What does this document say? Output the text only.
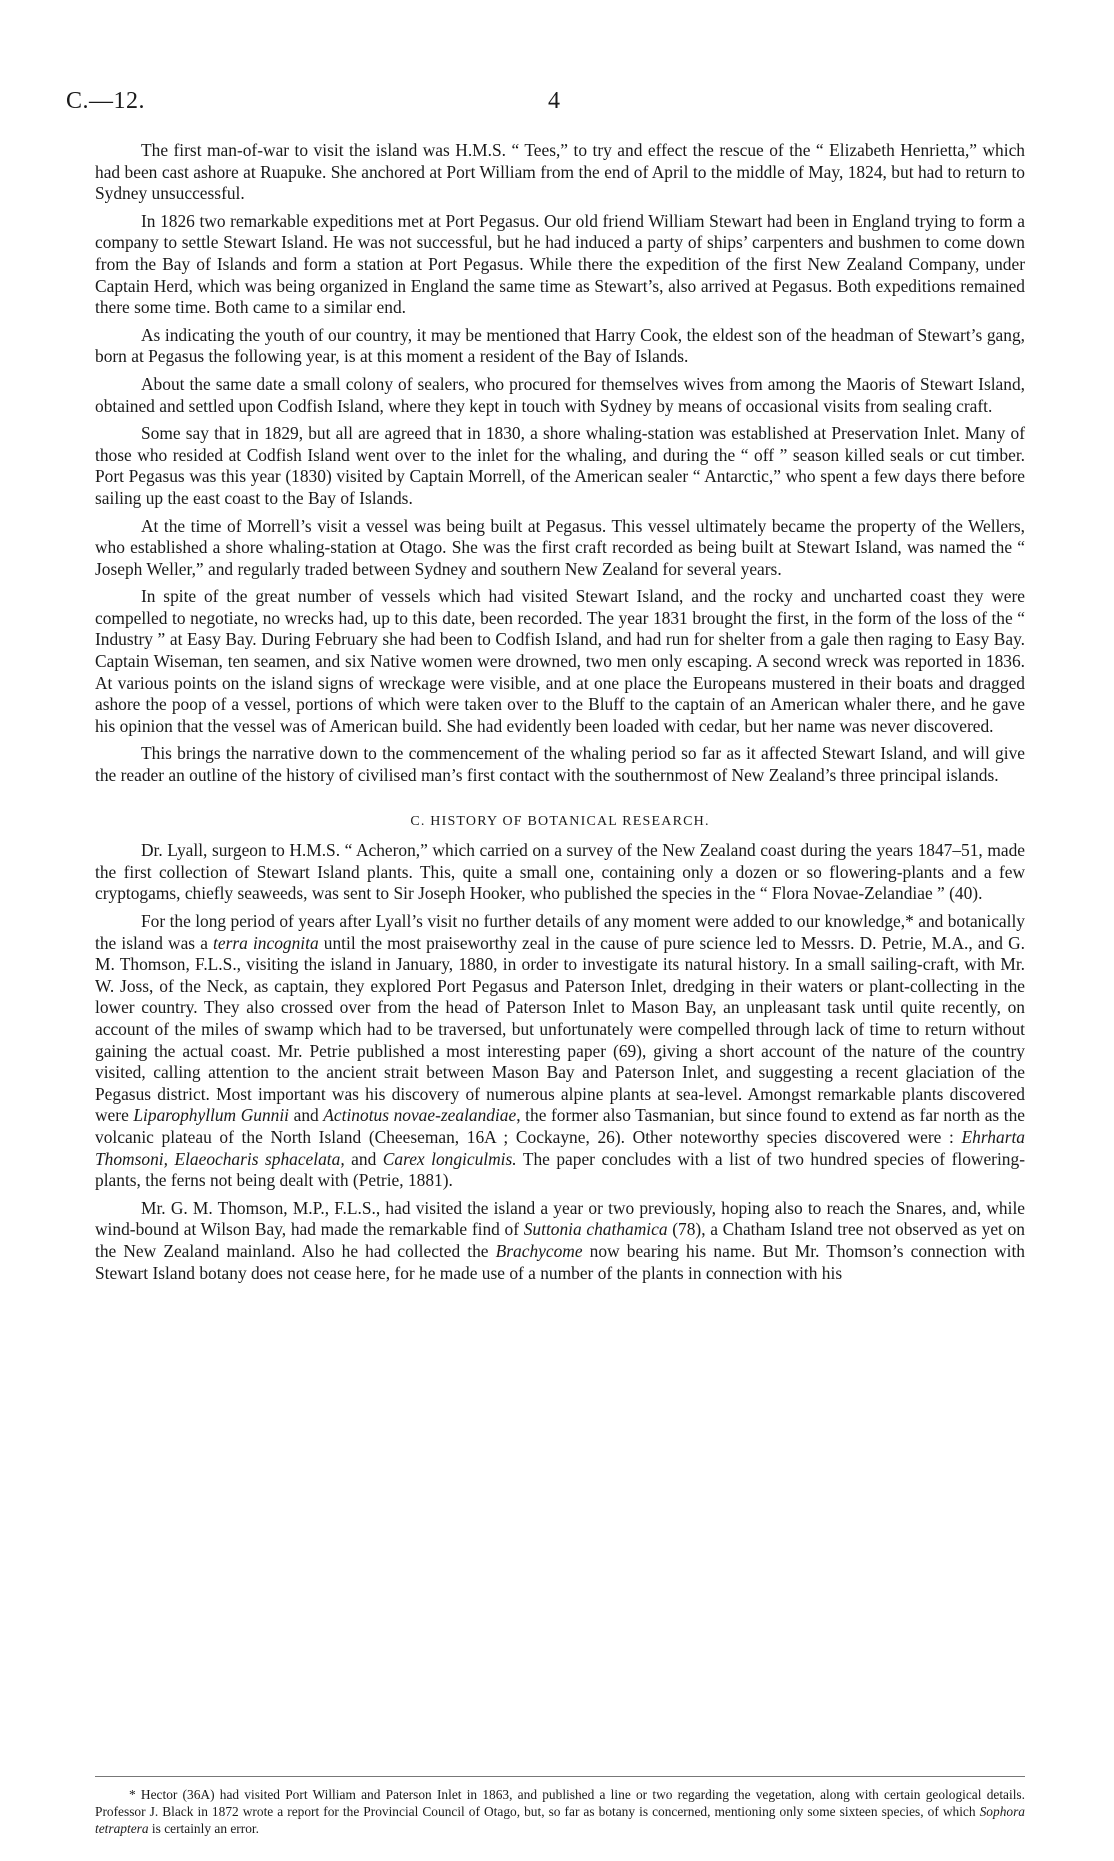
C.—12.	4

The first man-of-war to visit the island was H.M.S. “ Tees,” to try and effect the rescue of the “ Elizabeth Henrietta,” which had been cast ashore at Ruapuke. She anchored at Port William from the end of April to the middle of May, 1824, but had to return to Sydney unsuccessful.

In 1826 two remarkable expeditions met at Port Pegasus. Our old friend William Stewart had been in England trying to form a company to settle Stewart Island. He was not successful, but he had induced a party of ships’ carpenters and bushmen to come down from the Bay of Islands and form a station at Port Pegasus. While there the expedition of the first New Zealand Company, under Captain Herd, which was being organized in England the same time as Stewart’s, also arrived at Pegasus. Both expeditions remained there some time. Both came to a similar end.

As indicating the youth of our country, it may be mentioned that Harry Cook, the eldest son of the headman of Stewart’s gang, born at Pegasus the following year, is at this moment a resident of the Bay of Islands.

About the same date a small colony of sealers, who procured for themselves wives from among the Maoris of Stewart Island, obtained and settled upon Codfish Island, where they kept in touch with Sydney by means of occasional visits from sealing craft.

Some say that in 1829, but all are agreed that in 1830, a shore whaling-station was established at Preservation Inlet. Many of those who resided at Codfish Island went over to the inlet for the whaling, and during the “ off ” season killed seals or cut timber. Port Pegasus was this year (1830) visited by Captain Morrell, of the American sealer “ Antarctic,” who spent a few days there before sailing up the east coast to the Bay of Islands.

At the time of Morrell’s visit a vessel was being built at Pegasus. This vessel ultimately became the property of the Wellers, who established a shore whaling-station at Otago. She was the first craft recorded as being built at Stewart Island, was named the “ Joseph Weller,” and regularly traded between Sydney and southern New Zealand for several years.

In spite of the great number of vessels which had visited Stewart Island, and the rocky and uncharted coast they were compelled to negotiate, no wrecks had, up to this date, been recorded. The year 1831 brought the first, in the form of the loss of the “ Industry ” at Easy Bay. During February she had been to Codfish Island, and had run for shelter from a gale then raging to Easy Bay. Captain Wiseman, ten seamen, and six Native women were drowned, two men only escaping. A second wreck was reported in 1836. At various points on the island signs of wreckage were visible, and at one place the Europeans mustered in their boats and dragged ashore the poop of a vessel, portions of which were taken over to the Bluff to the captain of an American whaler there, and he gave his opinion that the vessel was of American build. She had evidently been loaded with cedar, but her name was never discovered.

This brings the narrative down to the commencement of the whaling period so far as it affected Stewart Island, and will give the reader an outline of the history of civilised man’s first contact with the southernmost of New Zealand’s three principal islands.

C. HISTORY OF BOTANICAL RESEARCH.

Dr. Lyall, surgeon to H.M.S. “ Acheron,” which carried on a survey of the New Zealand coast during the years 1847–51, made the first collection of Stewart Island plants. This, quite a small one, containing only a dozen or so flowering-plants and a few cryptogams, chiefly seaweeds, was sent to Sir Joseph Hooker, who published the species in the “ Flora Novae-Zelandiae ” (40).

For the long period of years after Lyall’s visit no further details of any moment were added to our knowledge,* and botanically the island was a terra incognita until the most praiseworthy zeal in the cause of pure science led to Messrs. D. Petrie, M.A., and G. M. Thomson, F.L.S., visiting the island in January, 1880, in order to investigate its natural history. In a small sailing-craft, with Mr. W. Joss, of the Neck, as captain, they explored Port Pegasus and Paterson Inlet, dredging in their waters or plant-collecting in the lower country. They also crossed over from the head of Paterson Inlet to Mason Bay, an unpleasant task until quite recently, on account of the miles of swamp which had to be traversed, but unfortunately were compelled through lack of time to return without gaining the actual coast. Mr. Petrie published a most interesting paper (69), giving a short account of the nature of the country visited, calling attention to the ancient strait between Mason Bay and Paterson Inlet, and suggesting a recent glaciation of the Pegasus district. Most important was his discovery of numerous alpine plants at sea-level. Amongst remarkable plants discovered were Liparophyllum Gunnii and Actinotus novae-zealandiae, the former also Tasmanian, but since found to extend as far north as the volcanic plateau of the North Island (Cheeseman, 16A ; Cockayne, 26). Other noteworthy species discovered were : Ehrharta Thomsoni, Elaeocharis sphacelata, and Carex longiculmis. The paper concludes with a list of two hundred species of flowering-plants, the ferns not being dealt with (Petrie, 1881).

Mr. G. M. Thomson, M.P., F.L.S., had visited the island a year or two previously, hoping also to reach the Snares, and, while wind-bound at Wilson Bay, had made the remarkable find of Suttonia chathamica (78), a Chatham Island tree not observed as yet on the New Zealand mainland. Also he had collected the Brachycome now bearing his name. But Mr. Thomson’s connection with Stewart Island botany does not cease here, for he made use of a number of the plants in connection with his

* Hector (36A) had visited Port William and Paterson Inlet in 1863, and published a line or two regarding the vegetation, along with certain geological details. Professor J. Black in 1872 wrote a report for the Provincial Council of Otago, but, so far as botany is concerned, mentioning only some sixteen species, of which Sophora tetraptera is certainly an error.
